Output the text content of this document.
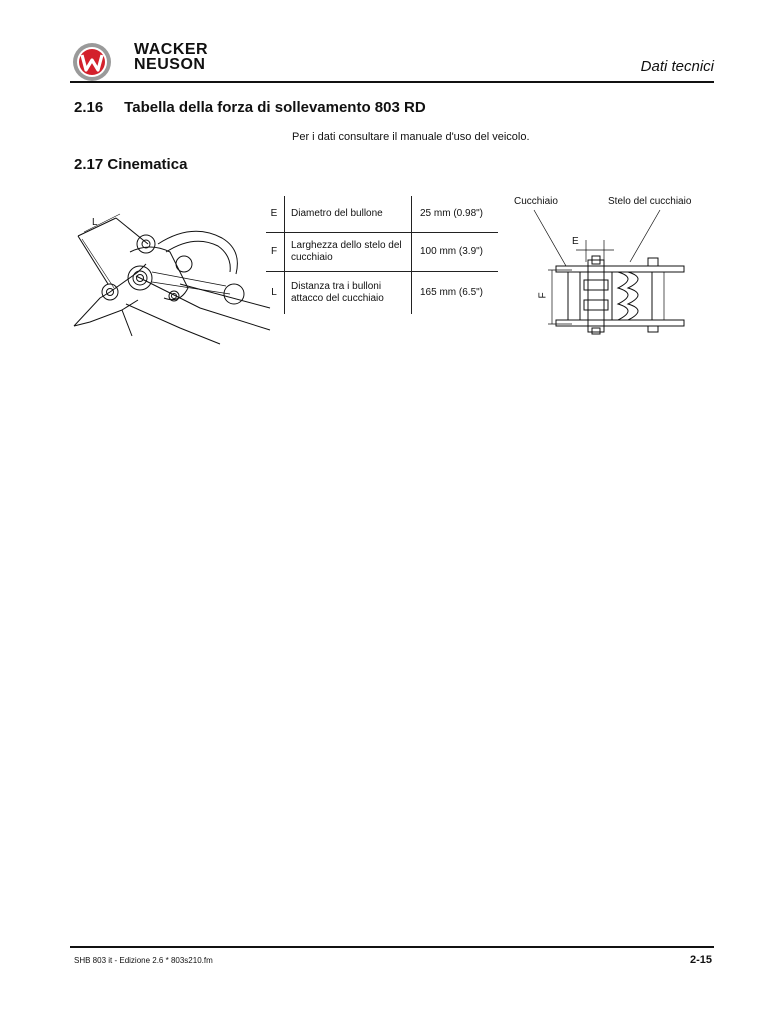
WACKER
NEUSON	Dati tecnici
2.16 Tabella della forza di sollevamento 803 RD
Per i dati consultare il manuale d'uso del veicolo.
2.17 Cinematica
L
E	Diametro del bullone	25 mm (0.98")
F	Larghezza dello stelo del cucchiaio	100 mm (3.9")
L	Distanza tra i bulloni attacco del cucchiaio	165 mm (6.5")
Cucchiaio	Stelo del cucchiaio
E
F
SHB 803 it - Edizione 2.6 * 803s210.fm	2-15
